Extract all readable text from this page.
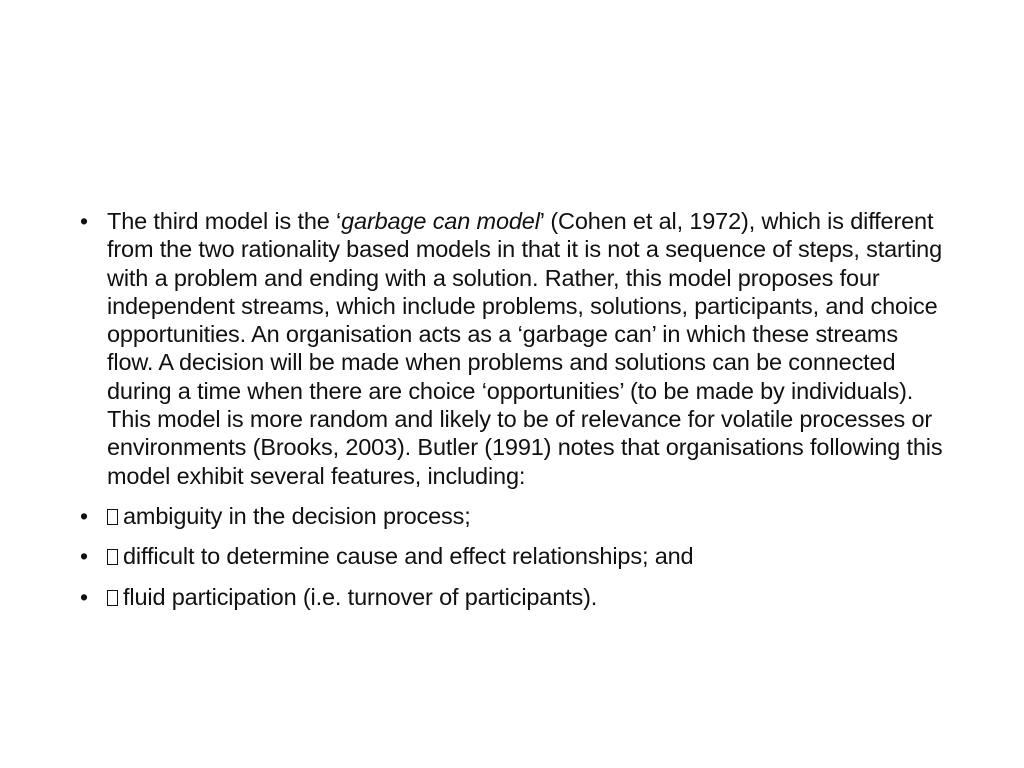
• The third model is the ‘garbage can model’ (Cohen et al, 1972), which is different from the two rationality based models in that it is not a sequence of steps, starting with a problem and ending with a solution. Rather, this model proposes four independent streams, which include problems, solutions, participants, and choice opportunities. An organisation acts as a ‘garbage can’ in which these streams flow. A decision will be made when problems and solutions can be connected during a time when there are choice ‘opportunities’ (to be made by individuals). This model is more random and likely to be of relevance for volatile processes or environments (Brooks, 2003). Butler (1991) notes that organisations following this model exhibit several features, including:
• ambiguity in the decision process;
• difficult to determine cause and effect relationships; and
• fluid participation (i.e. turnover of participants).
